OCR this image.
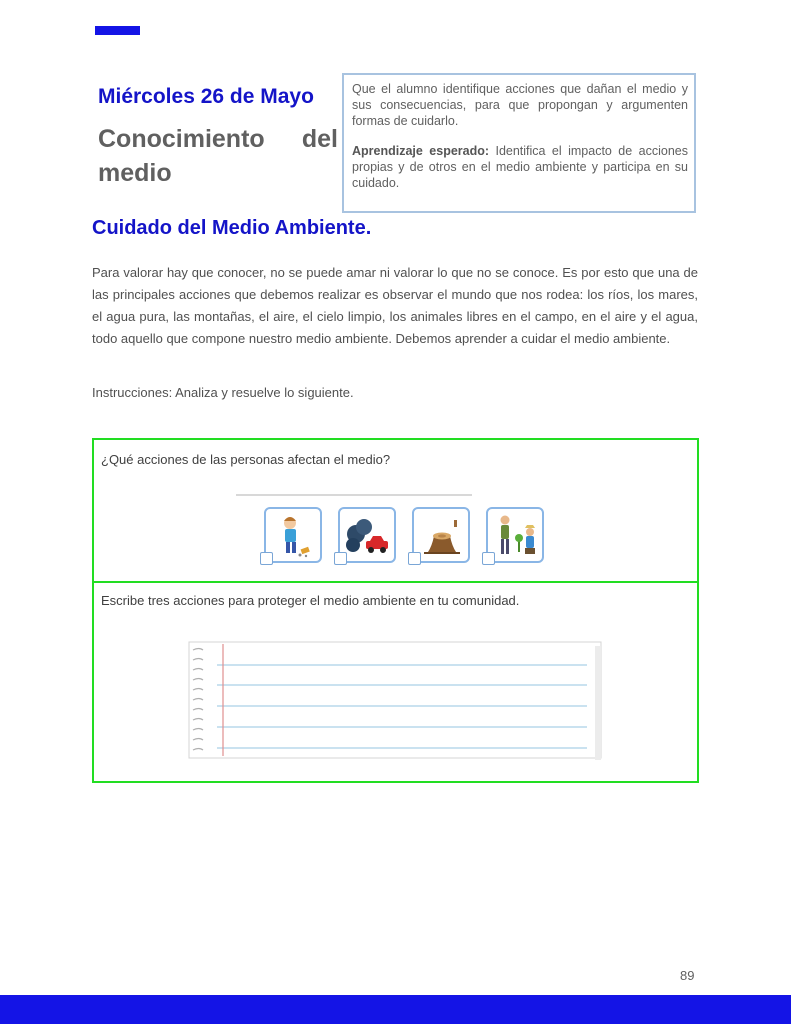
Miércoles 26 de Mayo
Conocimiento del medio

Que el alumno identifique acciones que dañan el medio y sus consecuencias, para que propongan y argumenten formas de cuidarlo.

Aprendizaje esperado: Identifica el impacto de acciones propias y de otros en el medio ambiente y participa en su cuidado.

Cuidado del Medio Ambiente.

Para valorar hay que conocer, no se puede amar ni valorar lo que no se conoce. Es por esto que una de las principales acciones que debemos realizar es observar el mundo que nos rodea: los ríos, los mares, el agua pura, las montañas, el aire, el cielo limpio, los animales libres en el campo, en el aire y el agua, todo aquello que compone nuestro medio ambiente. Debemos aprender a cuidar el medio ambiente.

Instrucciones: Analiza y resuelve lo siguiente.

¿Qué acciones de las personas afectan el medio?
Escribe tres acciones para proteger el medio ambiente en tu comunidad.
89
